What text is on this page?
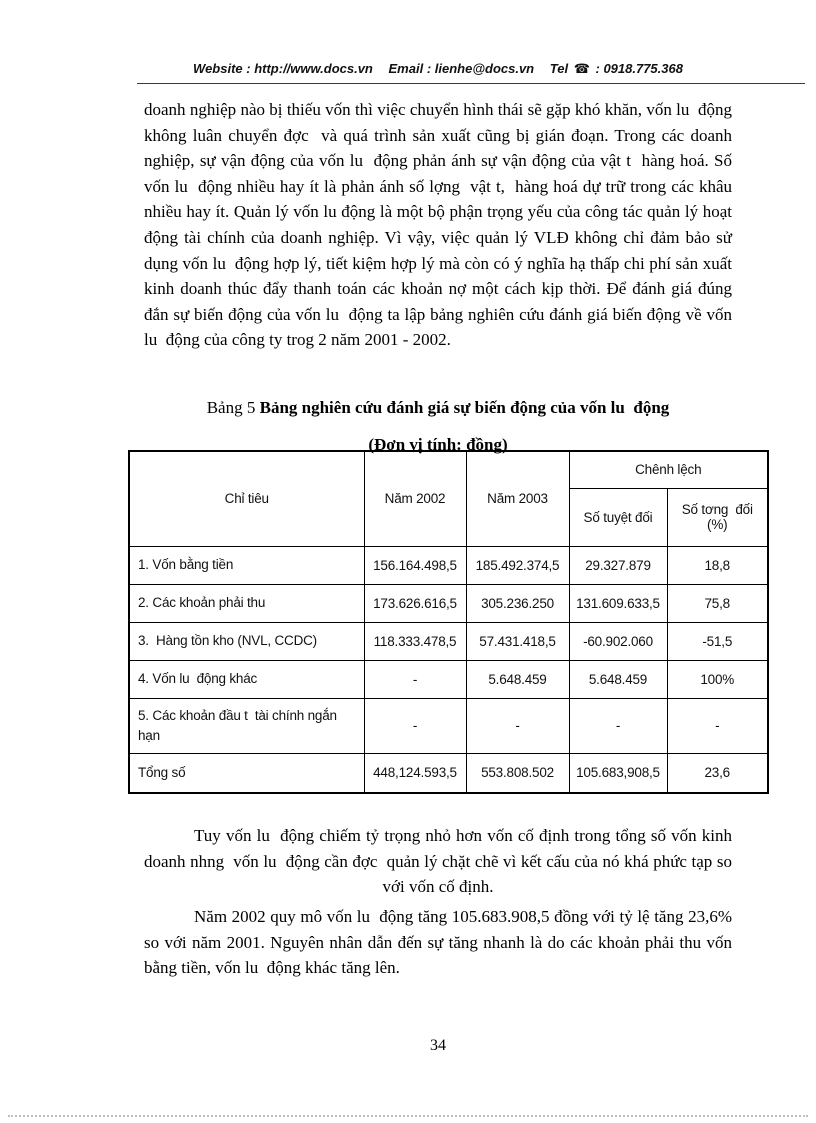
Website : http://www.docs.vn Email : lienhe@docs.vn Tel ☎ : 0918.775.368

doanh nghiệp nào bị thiếu vốn thì việc chuyển hình thái sẽ gặp khó khăn, vốn lu  động không luân chuyển đợc  và quá trình sản xuất cũng bị gián đoạn. Trong các doanh nghiệp, sự vận động của vốn lu  động phản ánh sự vận động của vật t  hàng hoá. Số vốn lu  động nhiều hay ít là phản ánh số lợng  vật t,  hàng hoá dự trữ trong các khâu nhiều hay ít. Quản lý vốn lu động là một bộ phận trọng yếu của công tác quản lý hoạt động tài chính của doanh nghiệp. Vì vậy, việc quản lý VLĐ không chỉ đảm bảo sử dụng vốn lu  động hợp lý, tiết kiệm hợp lý mà còn có ý nghĩa hạ thấp chi phí sản xuất kinh doanh thúc đẩy thanh toán các khoản nợ một cách kịp thời. Để đánh giá đúng đắn sự biến động của vốn lu  động ta lập bảng nghiên cứu đánh giá biến động về vốn lu  động của công ty trog 2 năm 2001 - 2002.

Bảng 5 Bảng nghiên cứu đánh giá sự biến động của vốn lu  động
(Đơn vị tính: đồng)
Chỉ tiêu	Năm 2002	Năm 2003	Chênh lệch	
			Số tuyệt đối	Số tơng  đối
(%)

1. Vốn bằng tiền	156.164.498,5	185.492.374,5	29.327.879	18,8
2. Các khoản phải thu	173.626.616,5	305.236.250	131.609.633,5	75,8
3.  Hàng tồn kho (NVL, CCDC)	118.333.478,5	57.431.418,5	-60.902.060	-51,5
4. Vốn lu  động khác	-	5.648.459	5.648.459	100%
5. Các khoản đầu t  tài chính ngắn hạn	-	-	-	-
Tổng số	448,124.593,5	553.808.502	105.683,908,5	23,6

Tuy vốn lu  động chiếm tỷ trọng nhỏ hơn vốn cố định trong tổng số vốn kinh doanh nhng  vốn lu  động cần đợc  quản lý chặt chẽ vì kết cấu của nó khá phức tạp so với vốn cố định.

Năm 2002 quy mô vốn lu  động tăng 105.683.908,5 đồng với tỷ lệ tăng 23,6% so với năm 2001. Nguyên nhân dẫn đến sự tăng nhanh là do các khoản phải thu vốn bằng tiền, vốn lu  động khác tăng lên.

34
